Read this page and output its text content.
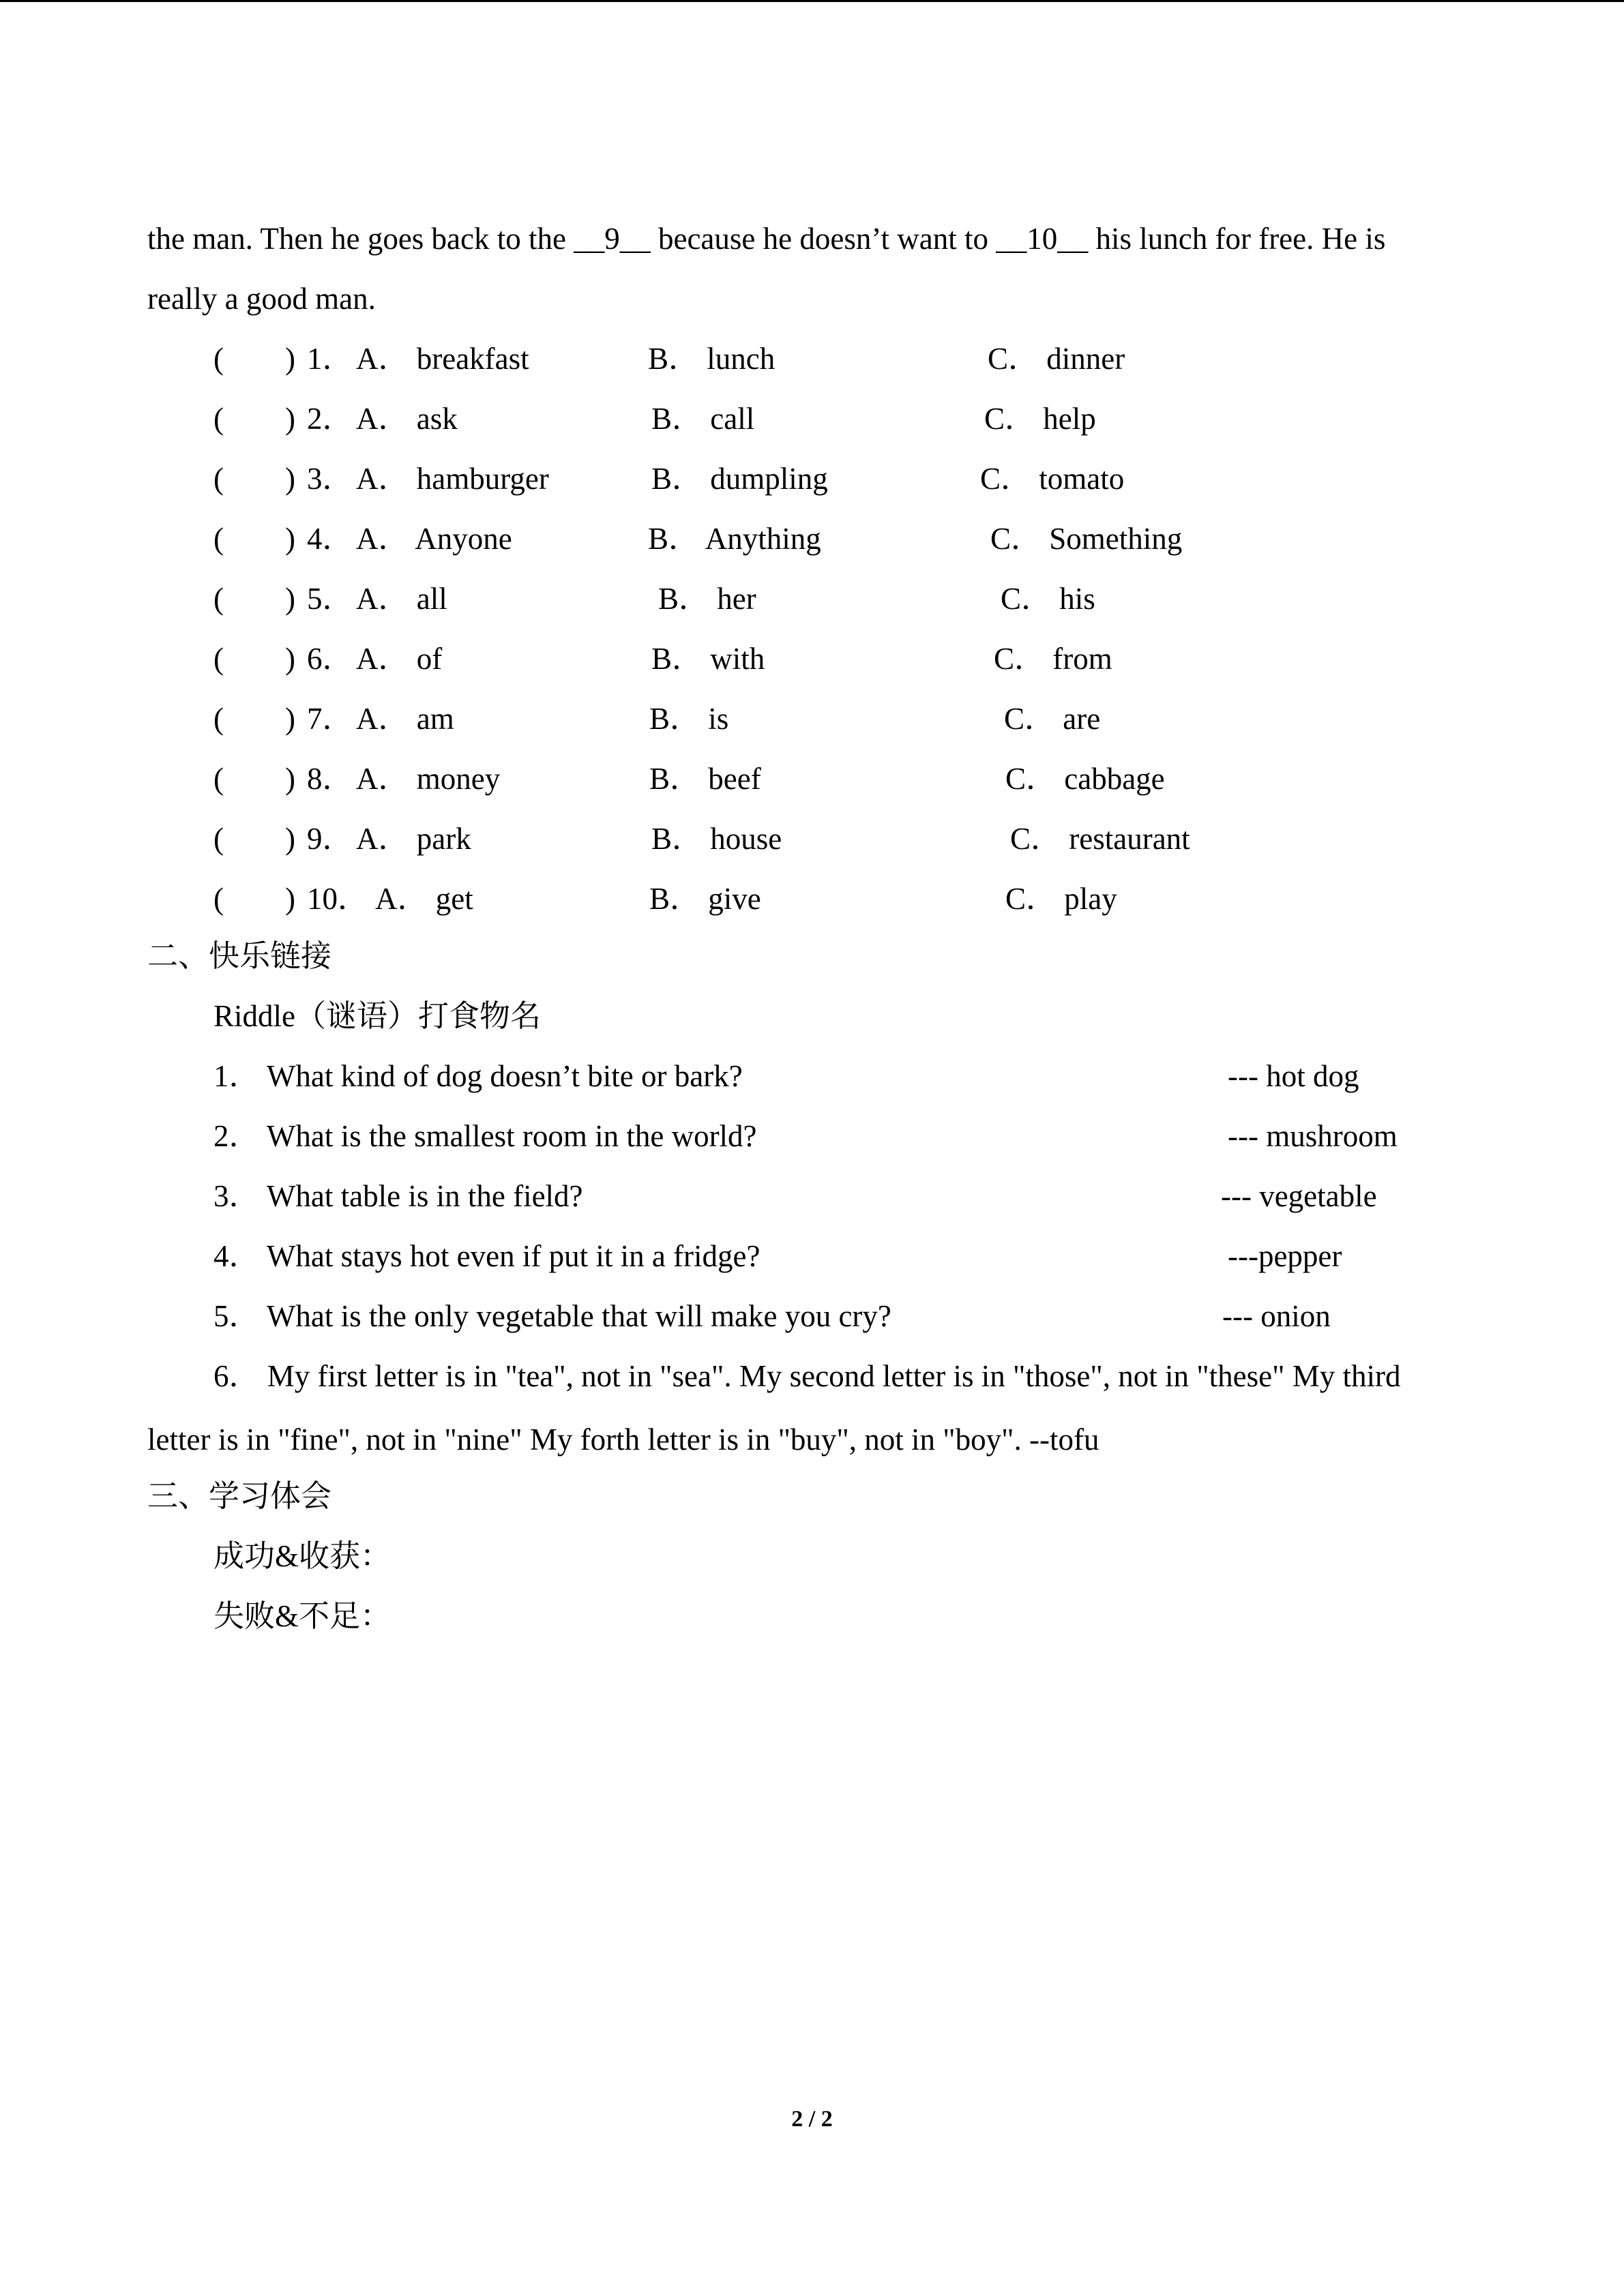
the man. Then he goes back to the __9__ because he doesn’t want to __10__ his lunch for free. He is
really a good man.
(        ) 1． A． breakfast	B． lunch	C． dinner
(        ) 2． A． ask	B． call	C． help
(        ) 3． A． hamburger	B． dumpling	C． tomato
(        ) 4． A． Anyone	B． Anything	C． Something
(        ) 5． A． all	B． her	C． his
(        ) 6． A． of	B． with	C． from
(        ) 7． A． am	B． is	C． are
(        ) 8． A． money	B． beef	C． cabbage
(        ) 9． A． park	B． house	C． restaurant
(        ) 10． A． get	B． give	C． play
二、快乐链接
Riddle（谜语）打食物名
1． What kind of dog doesn’t bite or bark?	--- hot dog
2． What is the smallest room in the world?	--- mushroom
3． What table is in the field?	--- vegetable
4． What stays hot even if put it in a fridge?	---pepper
5． What is the only vegetable that will make you cry?	--- onion
6． My first letter is in "tea", not in "sea". My second letter is in "those", not in "these" My third
letter is in "fine", not in "nine" My forth letter is in "buy", not in "boy". --tofu
三、学习体会
成功&收获：
失败&不足：
2 / 2
